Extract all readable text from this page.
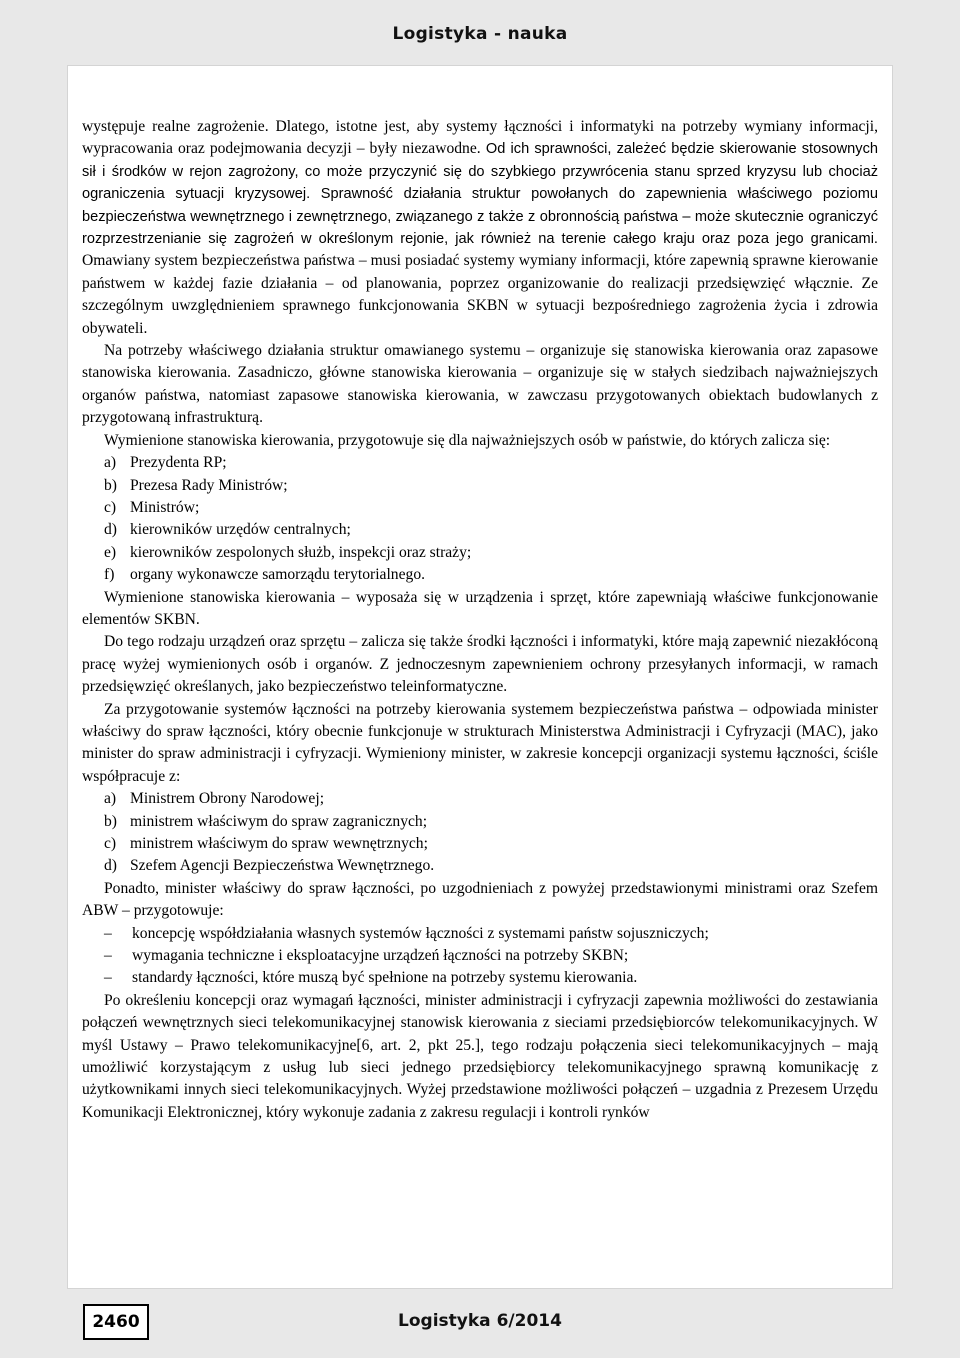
Logistyka - nauka

występuje realne zagrożenie. Dlatego, istotne jest, aby systemy łączności i informatyki na potrzeby wymiany informacji, wypracowania oraz podejmowania decyzji – były niezawodne. Od ich sprawności, zależeć będzie skierowanie stosownych sił i środków w rejon zagrożony, co może przyczynić się do szybkiego przywrócenia stanu sprzed kryzysu lub chociaż ograniczenia sytuacji kryzysowej. Sprawność działania struktur powołanych do zapewnienia właściwego poziomu bezpieczeństwa wewnętrznego i zewnętrznego, związanego z także z obronnością państwa – może skutecznie ograniczyć rozprzestrzenianie się zagrożeń w określonym rejonie, jak również na terenie całego kraju oraz poza jego granicami. Omawiany system bezpieczeństwa państwa – musi posiadać systemy wymiany informacji, które zapewnią sprawne kierowanie państwem w każdej fazie działania – od planowania, poprzez organizowanie do realizacji przedsięwzięć włącznie. Ze szczególnym uwzględnieniem sprawnego funkcjonowania SKBN w sytuacji bezpośredniego zagrożenia życia i zdrowia obywateli.

Na potrzeby właściwego działania struktur omawianego systemu – organizuje się stanowiska kierowania oraz zapasowe stanowiska kierowania. Zasadniczo, główne stanowiska kierowania – organizuje się w stałych siedzibach najważniejszych organów państwa, natomiast zapasowe stanowiska kierowania, w zawczasu przygotowanych obiektach budowlanych z przygotowaną infrastrukturą.

Wymienione stanowiska kierowania, przygotowuje się dla najważniejszych osób w państwie, do których zalicza się:

a) Prezydenta RP;
b) Prezesa Rady Ministrów;
c) Ministrów;
d) kierowników urzędów centralnych;
e) kierowników zespolonych służb, inspekcji oraz straży;
f)	organy wykonawcze samorządu terytorialnego.

Wymienione stanowiska kierowania – wyposaża się w urządzenia i sprzęt, które zapewniają właściwe funkcjonowanie elementów SKBN.

Do tego rodzaju urządzeń oraz sprzętu – zalicza się także środki łączności i informatyki, które mają zapewnić niezakłóconą pracę wyżej wymienionych osób i organów. Z jednoczesnym zapewnieniem ochrony przesyłanych informacji, w ramach przedsięwzięć określanych, jako bezpieczeństwo teleinformatyczne.

Za przygotowanie systemów łączności na potrzeby kierowania systemem bezpieczeństwa państwa – odpowiada minister właściwy do spraw łączności, który obecnie funkcjonuje w strukturach Ministerstwa Administracji i Cyfryzacji (MAC), jako minister do spraw administracji i cyfryzacji. Wymieniony minister, w zakresie koncepcji organizacji systemu łączności, ściśle współpracuje z:

a) Ministrem Obrony Narodowej;
b) ministrem właściwym do spraw zagranicznych;
c) ministrem właściwym do spraw wewnętrznych;
d) Szefem Agencji Bezpieczeństwa Wewnętrznego.

Ponadto, minister właściwy do spraw łączności, po uzgodnieniach z powyżej przedstawionymi ministrami oraz Szefem ABW – przygotowuje:

–	koncepcję współdziałania własnych systemów łączności z systemami państw sojuszniczych;
–	wymagania techniczne i eksploatacyjne urządzeń łączności na potrzeby SKBN;
–	standardy łączności, które muszą być spełnione na potrzeby systemu kierowania.

Po określeniu koncepcji oraz wymagań łączności, minister administracji i cyfryzacji zapewnia możliwości do zestawiania połączeń wewnętrznych sieci telekomunikacyjnej stanowisk kierowania z sieciami przedsiębiorców telekomunikacyjnych. W myśl Ustawy – Prawo telekomunikacyjne[6, art. 2, pkt 25.], tego rodzaju połączenia sieci telekomunikacyjnych – mają umożliwić korzystającym z usług lub sieci jednego przedsiębiorcy telekomunikacyjnego sprawną komunikację z użytkownikami innych sieci telekomunikacyjnych. Wyżej przedstawione możliwości połączeń – uzgadnia z Prezesem Urzędu Komunikacji Elektronicznej, który wykonuje zadania z zakresu regulacji i kontroli rynków

2460	Logistyka 6/2014
